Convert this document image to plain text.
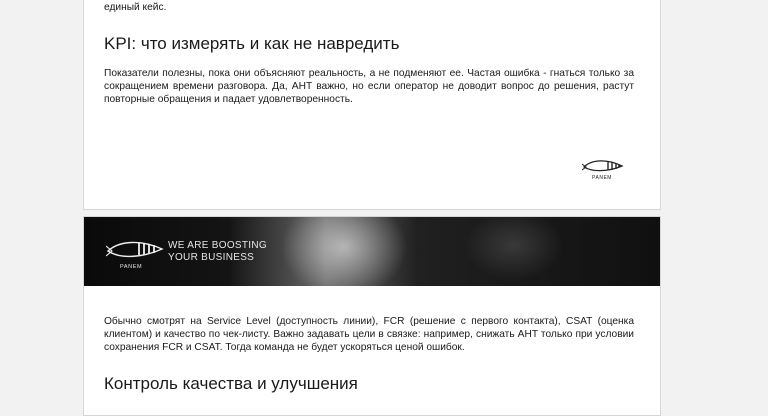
единый кейс.

KPI: что измерять и как не навредить

Показатели полезны, пока они объясняют реальность, а не подменяют ее. Частая ошибка - гнаться только за сокращением времени разговора. Да, AHT важно, но если оператор не доводит вопрос до решения, растут повторные обращения и падает удовлетворенность.

PANEM
PANEM
WE ARE BOOSTING
YOUR BUSINESS

Обычно смотрят на Service Level (доступность линии), FCR (решение с первого контакта), CSAT (оценка клиентом) и качество по чек-листу. Важно задавать цели в связке: например, снижать AHT только при условии сохранения FCR и CSAT. Тогда команда не будет ускоряться ценой ошибок.

Контроль качества и улучшения
